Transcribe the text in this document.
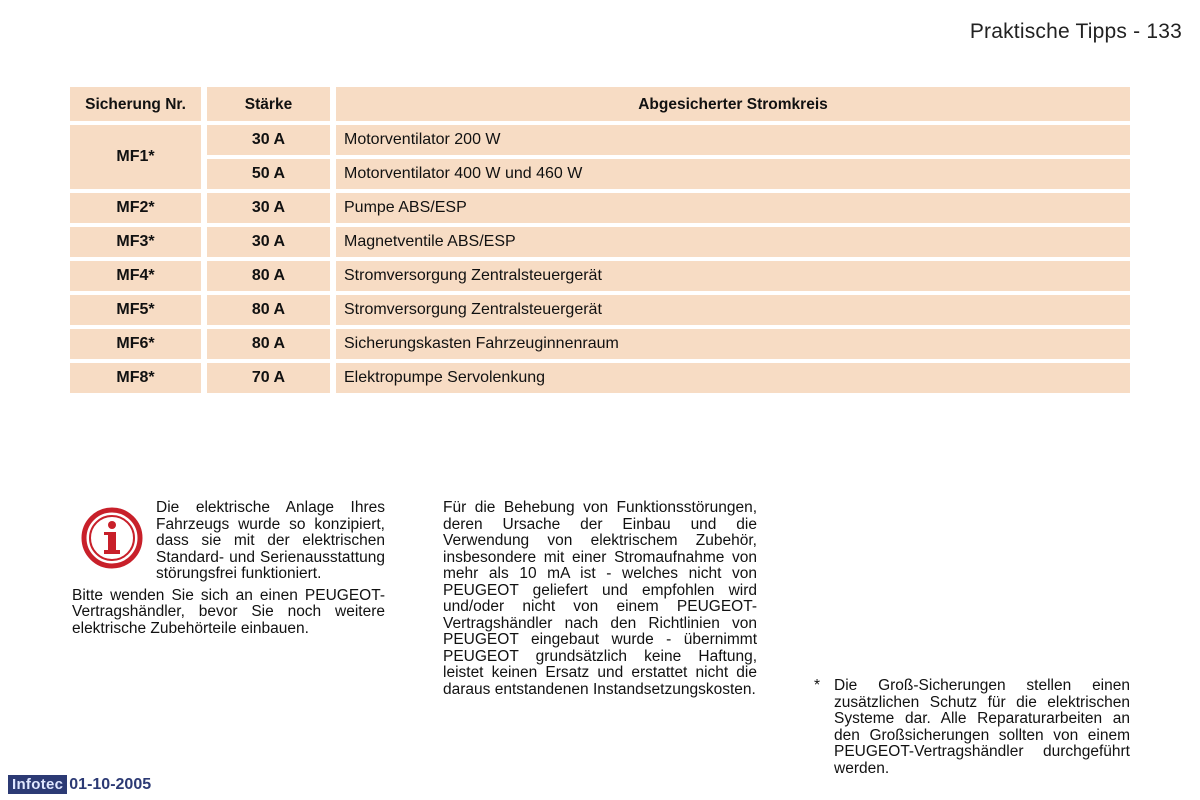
Praktische Tipps - 133
Sicherung Nr.		Stärke		Abgesicherter Stromkreis
MF1*		30 A		Motorventilator 200 W
		50 A		Motorventilator 400 W und 460 W
MF2*		30 A		Pumpe ABS/ESP
MF3*		30 A		Magnetventile ABS/ESP
MF4*		80 A		Stromversorgung Zentralsteuergerät
MF5*		80 A		Stromversorgung Zentralsteuergerät
MF6*		80 A		Sicherungskasten Fahrzeuginnenraum
MF8*		70 A		Elektropumpe Servolenkung

Die elektrische Anlage Ihres Fahrzeugs wurde so konzipiert, dass sie mit der elektrischen Standard- und Serienausstattung störungsfrei funktioniert.

Bitte wenden Sie sich an einen PEUGEOT-Vertragshändler, bevor Sie noch weitere elektrische Zubehörteile einbauen.

Für die Behebung von Funktionsstörungen, deren Ursache der Einbau und die Verwendung von elektrischem Zubehör, insbesondere mit einer Stromaufnahme von mehr als 10 mA ist - welches nicht von PEUGEOT geliefert und empfohlen wird und/oder nicht von einem PEUGEOT-Vertragshändler nach den Richtlinien von PEUGEOT eingebaut wurde - übernimmt PEUGEOT grundsätzlich keine Haftung, leistet keinen Ersatz und erstattet nicht die daraus entstandenen Instandsetzungskosten.	* Die Groß-Sicherungen stellen einen zusätzlichen Schutz für die elektrischen Systeme dar. Alle Reparaturarbeiten an den Großsicherungen sollten von einem PEUGEOT-Vertragshändler durchgeführt werden.
Infotec 01-10-2005
